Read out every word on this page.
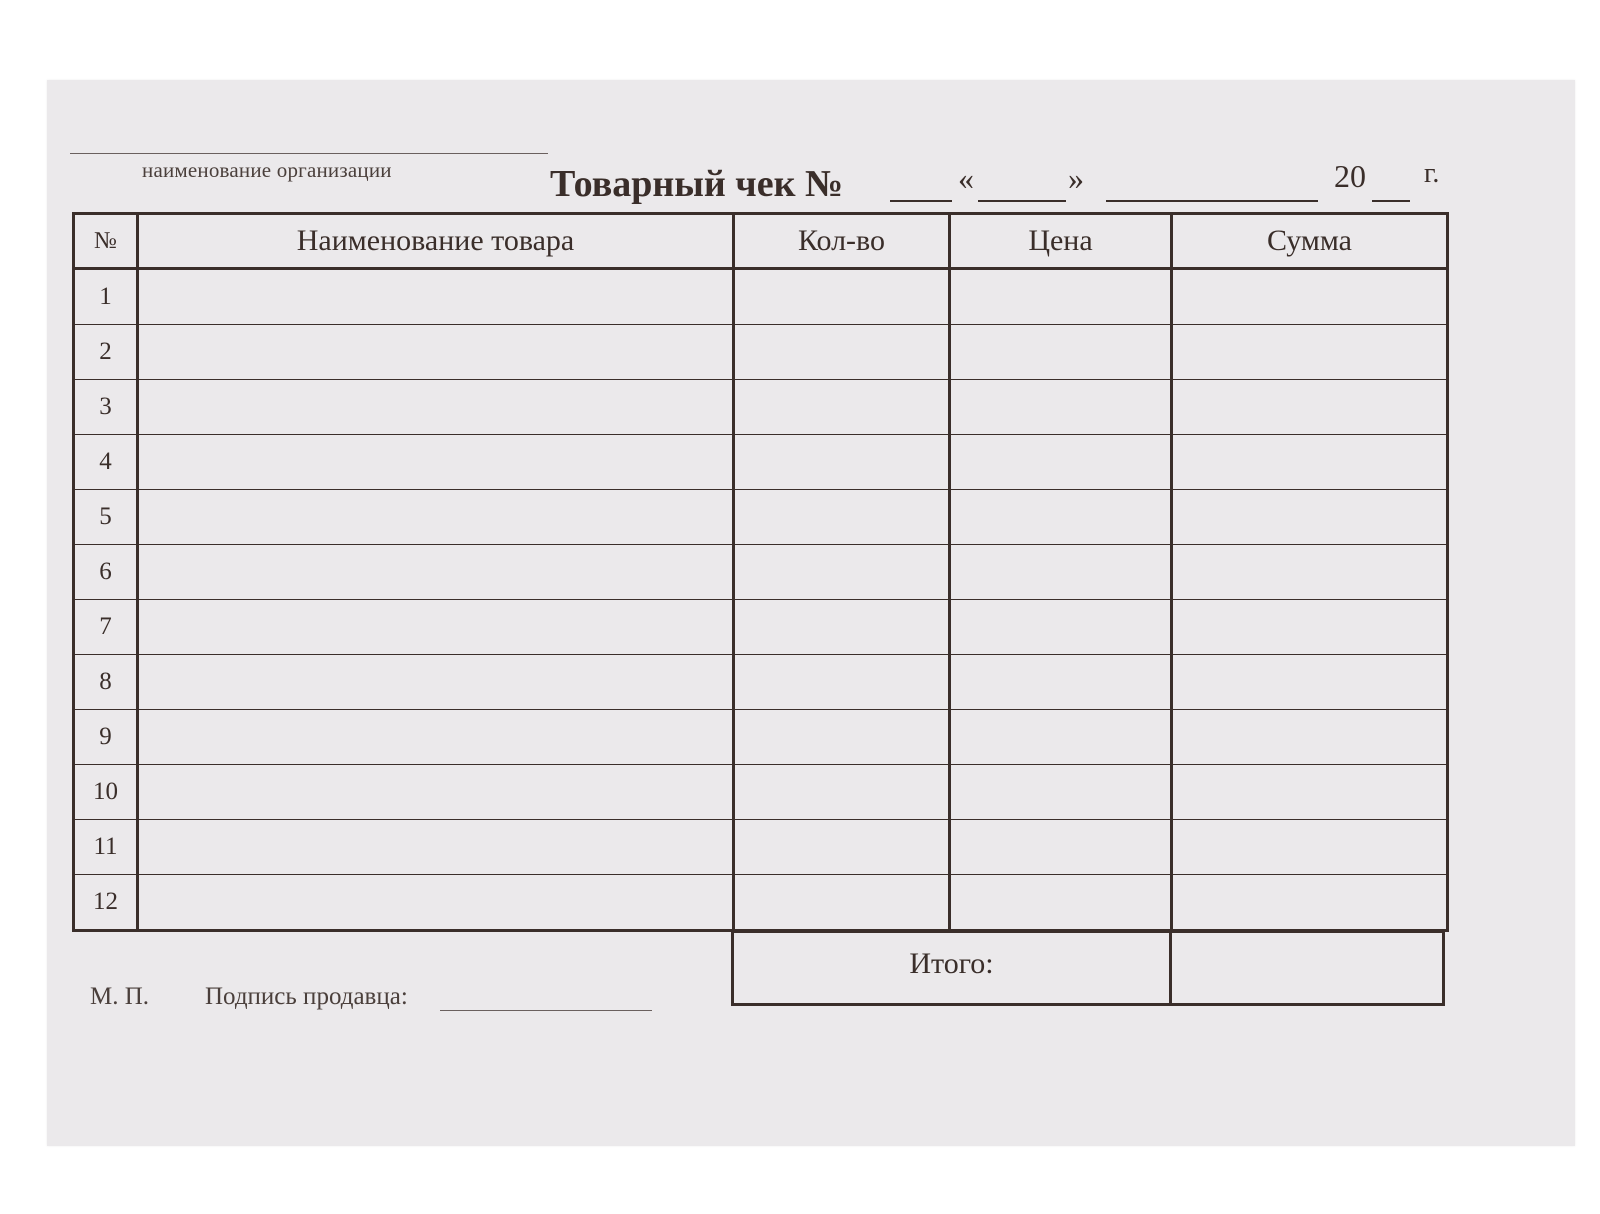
наименование организации	Товарный чек №	«	»	20 г.
№	Наименование товара	Кол-во	Цена	Сумма
1				
2				
3				
4				
5				
6				
7				
8				
9				
10				
11				
12				
Итого:
М. П. Подпись продавца:
